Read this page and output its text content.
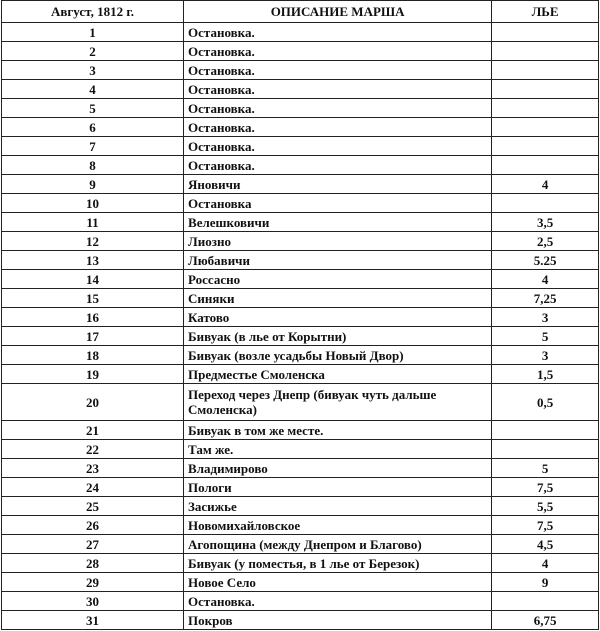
Август, 1812 г.	ОПИСАНИЕ МАРША	ЛЬЕ
1	Остановка.	
2	Остановка.	
3	Остановка.	
4	Остановка.	
5	Остановка.	
6	Остановка.	
7	Остановка.	
8	Остановка.	
9	Яновичи	4
10	Остановка	
11	Велешковичи	3,5
12	Лиозно	2,5
13	Любавичи	5.25
14	Россасно	4
15	Синяки	7,25
16	Катово	3
17	Бивуак (в лье от Корытни)	5
18	Бивуак (возле усадьбы Новый Двор)	3
19	Предместье Смоленска	1,5
20	Переход через Днепр (бивуак чуть дальше Смоленска)	0,5
21	Бивуак в том же месте.	
22	Там же.	
23	Владимирово	5
24	Пологи	7,5
25	Засижье	5,5
26	Новомихайловское	7,5
27	Агопощина (между Днепром и Благово)	4,5
28	Бивуак (у поместья, в 1 лье от Березок)	4
29	Новое Село	9
30	Остановка.	
31	Покров	6,75
